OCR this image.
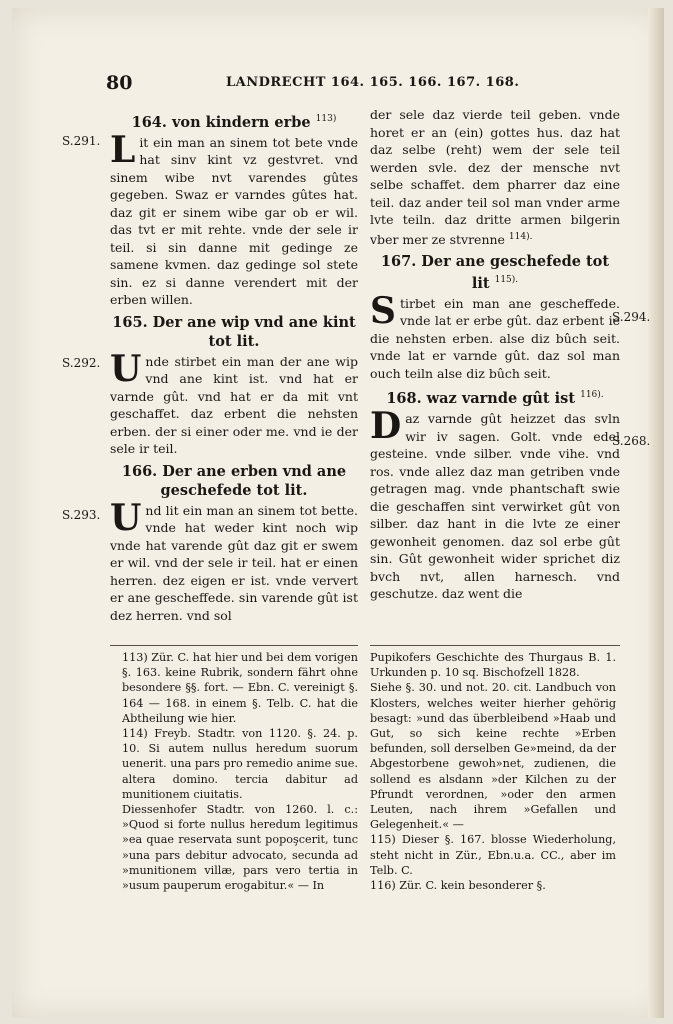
80	LANDRECHT 164. 165. 166. 167. 168.
164. von kindern erbe $^{113)}$
Lit ein man an sinem tot bete vnde hat sinv kint vz gestvret. vnd sinem wibe nvt varendes gûtes gegeben. Swaz er varndes gûtes hat. daz git er sinem wibe gar ob er wil. das tvt er mit rehte. vnde der sele ir teil. si sin danne mit gedinge ze samene kvmen. daz gedinge sol stete sin. ez si danne verendert mit der erben willen.
165. Der ane wip vnd ane kint tot lit.
Unde stirbet ein man der ane wip vnd ane kint ist. vnd hat er varnde gût. vnd hat er da mit vnt geschaffet. daz erbent die nehsten erben. der si einer oder me. vnd ie der sele ir teil.
166. Der ane erben vnd ane geschefede tot lit.
Und lit ein man an sinem tot bette. vnde hat weder kint noch wip vnde hat varende gût daz git er swem er wil. vnd der sele ir teil. hat er einen herren. dez eigen er ist. vnde ververt er ane gescheffede. sin varende gût ist dez herren. vnd sol
S.291.
S.292.
S.293.
der sele daz vierde teil geben. vnde horet er an (ein) gottes hus. daz hat daz selbe (reht) wem der sele teil werden svle. dez der mensche nvt selbe schaffet. dem pharrer daz eine teil. daz ander teil sol man vnder arme lvte teiln. daz dritte armen bilgerin vber mer ze stvrenne $^{114).}$
167. Der ane geschefede tot lit $^{115).}$
Stirbet ein man ane gescheffede. vnde lat er erbe gût. daz erbent ie die nehsten erben. alse diz bûch seit. vnde lat er varnde gût. daz sol man ouch teiln alse diz bûch seit.
168. waz varnde gût ist $^{116).}$
Daz varnde gût heizzet das svln wir iv sagen. Golt. vnde edel gesteine. vnde silber. vnde vihe. vnd ros. vnde allez daz man getriben vnde getragen mag. vnde phantschaft swie die geschaffen sint verwirket gût von silber. daz hant in die lvte ze einer gewonheit genomen. daz sol erbe gût sin. Gût gewonheit wider sprichet diz bvch nvt, allen harnesch. vnd geschutze. daz went die
S.294.
S.268.
113) Zür. C. hat hier und bei dem vorigen §. 163. keine Rubrik, sondern fährt ohne besondere §§. fort. — Ebn. C. vereinigt §. 164 — 168. in einem §. Telb. C. hat die Abtheilung wie hier.
114) Freyb. Stadtr. von 1120. §. 24. p. 10. Si autem nullus heredum suorum uenerit. una pars pro remedio anime sue. altera domino. tercia dabitur ad munitionem ciuitatis.
Diessenhofer Stadtr. von 1260. l. c.: »Quod si forte nullus heredum legitimus »ea quae reservata sunt popoşcerit, tunc »una pars debitur advocato, secunda ad »munitionem villæ, pars vero tertia in »usum pauperum erogabitur.« — In
Pupikofers Geschichte des Thurgaus B. 1. Urkunden p. 10 sq. Bischofzell 1828.
Siehe §. 30. und not. 20. cit. Landbuch von Klosters, welches weiter hierher gehörig besagt: »und das überbleibend »Haab und Gut, so sich keine rechte »Erben befunden, soll derselben Ge»meind, da der Abgestorbene gewoh»net, zudienen, die sollend es alsdann »der Kilchen zu der Pfrundt verordnen, »oder den armen Leuten, nach ihrem »Gefallen und Gelegenheit.« —
115) Dieser §. 167. blosse Wiederholung, steht nicht in Zür., Ebn.u.a. CC., aber im Telb. C.
116) Zür. C. kein besonderer §.
